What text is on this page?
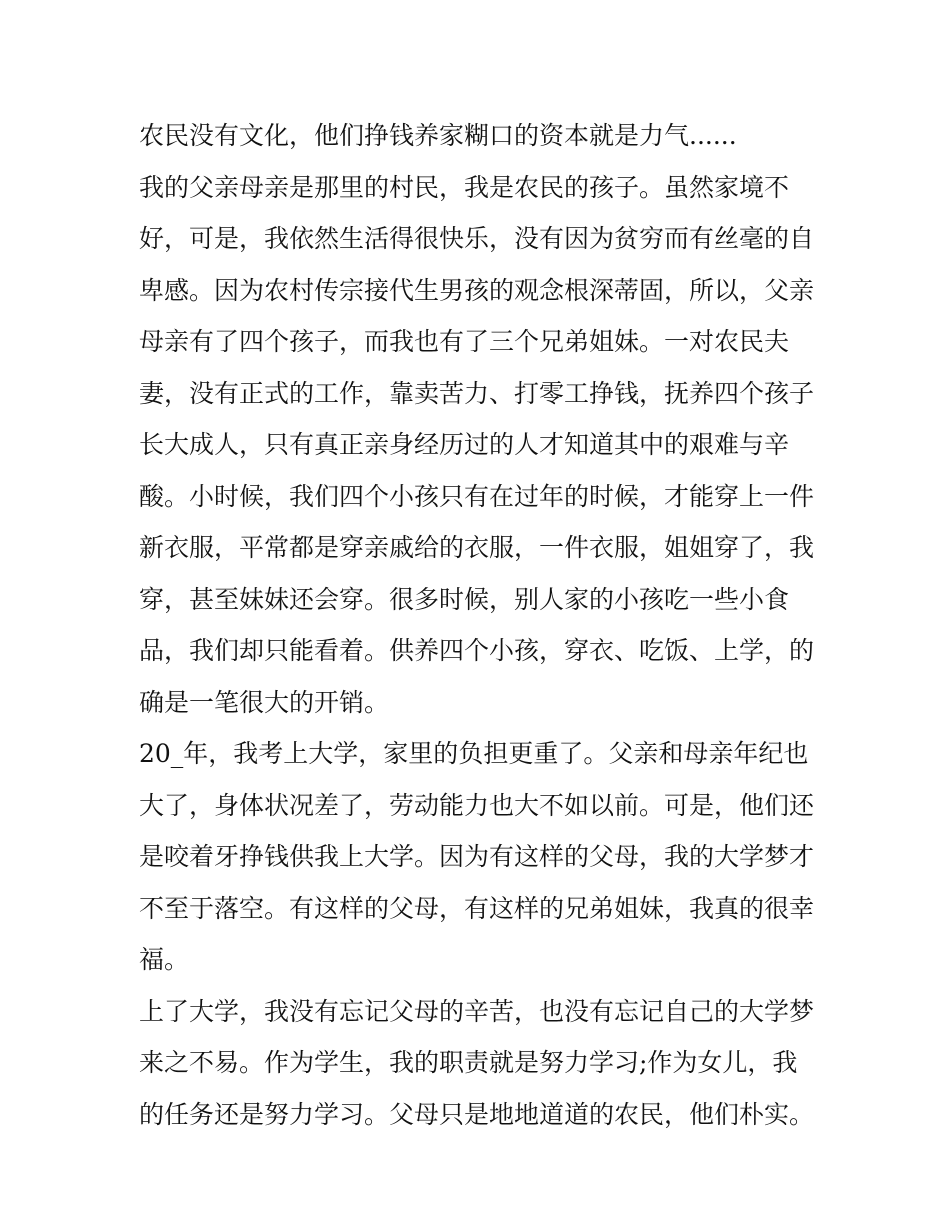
农民没有文化，他们挣钱养家糊口的资本就是力气......
我的父亲母亲是那里的村民，我是农民的孩子。虽然家境不
好，可是，我依然生活得很快乐，没有因为贫穷而有丝毫的自
卑感。因为农村传宗接代生男孩的观念根深蒂固，所以，父亲
母亲有了四个孩子，而我也有了三个兄弟姐妹。一对农民夫
妻，没有正式的工作，靠卖苦力、打零工挣钱，抚养四个孩子
长大成人，只有真正亲身经历过的人才知道其中的艰难与辛
酸。小时候，我们四个小孩只有在过年的时候，才能穿上一件
新衣服，平常都是穿亲戚给的衣服，一件衣服，姐姐穿了，我
穿，甚至妹妹还会穿。很多时候，别人家的小孩吃一些小食
品，我们却只能看着。供养四个小孩，穿衣、吃饭、上学，的
确是一笔很大的开销。
20_年，我考上大学，家里的负担更重了。父亲和母亲年纪也
大了，身体状况差了，劳动能力也大不如以前。可是，他们还
是咬着牙挣钱供我上大学。因为有这样的父母，我的大学梦才
不至于落空。有这样的父母，有这样的兄弟姐妹，我真的很幸
福。
上了大学，我没有忘记父母的辛苦，也没有忘记自己的大学梦
来之不易。作为学生，我的职责就是努力学习;作为女儿，我
的任务还是努力学习。父母只是地地道道的农民，他们朴实。
